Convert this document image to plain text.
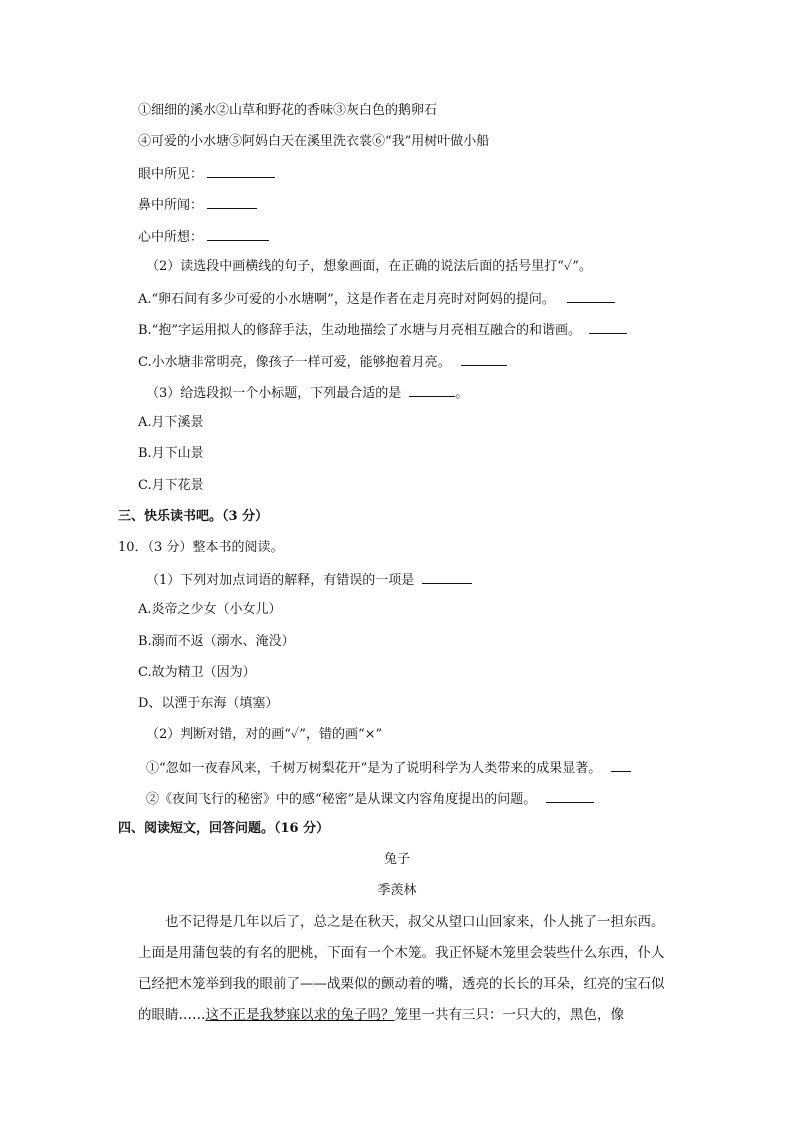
①细细的溪水②山草和野花的香味③灰白色的鹅卵石
④可爱的小水塘⑤阿妈白天在溪里洗衣裳⑥“我”用树叶做小船
眼中所见：
鼻中所闻：
心中所想：
（2）读选段中画横线的句子，想象画面，在正确的说法后面的括号里打“✓”。
A.“卵石间有多少可爱的小水塘啊”，这是作者在走月亮时对阿妈的提问。
B.“抱”字运用拟人的修辞手法，生动地描绘了水塘与月亮相互融合的和谐画。
C.小水塘非常明亮，像孩子一样可爱，能够抱着月亮。
（3）给选段拟一个小标题，下列最合适的是	。
A.月下溪景
B.月下山景
C.月下花景
三、快乐读书吧。（3 分）
10．（3 分）整本书的阅读。
（1）下列对加点词语的解释，有错误的一项是
A.炎帝之少女（小女儿）
B.溺而不返（溺水、淹没）
C.故为精卫（因为）
D、以湮于东海（填塞）
（2）判断对错，对的画“✓”，错的画“×”
①“忽如一夜春风来，千树万树梨花开”是为了说明科学为人类带来的成果显著。
②《夜间飞行的秘密》中的感“秘密”是从课文内容角度提出的问题。
四、阅读短文，回答问题。（16 分）
兔子
季羡林
也不记得是几年以后了，总之是在秋天，叔父从望口山回家来，仆人挑了一担东西。上面是用蒲包装的有名的肥桃，下面有一个木笼。我正怀疑木笼里会装些什么东西，仆人已经把木笼举到我的眼前了——战栗似的颤动着的嘴，透亮的长长的耳朵，红亮的宝石似的眼睛……这不正是我梦寐以求的兔子吗？笼里一共有三只：一只大的，黑色，像
